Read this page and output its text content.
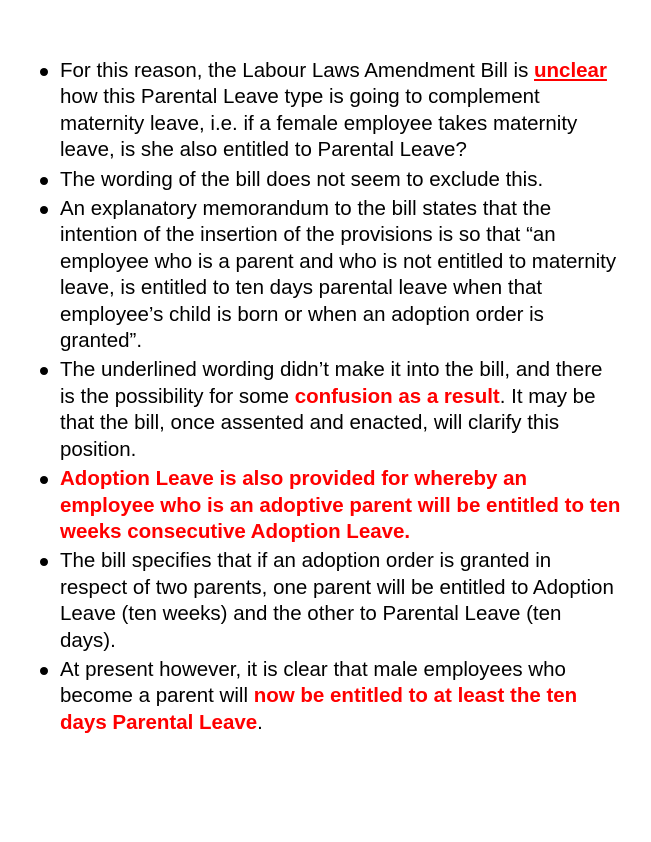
For this reason, the Labour Laws Amendment Bill is unclear how this Parental Leave type is going to complement maternity leave, i.e. if a female employee takes maternity leave, is she also entitled to Parental Leave?
The wording of the bill does not seem to exclude this.
An explanatory memorandum to the bill states that the intention of the insertion of the provisions is so that “an employee who is a parent and who is not entitled to maternity leave, is entitled to ten days parental leave when that employee’s child is born or when an adoption order is granted”.
The underlined wording didn’t make it into the bill, and there is the possibility for some confusion as a result. It may be that the bill, once assented and enacted, will clarify this position.
Adoption Leave is also provided for whereby an employee who is an adoptive parent will be entitled to ten weeks consecutive Adoption Leave.
The bill specifies that if an adoption order is granted in respect of two parents, one parent will be entitled to Adoption Leave (ten weeks) and the other to Parental Leave (ten days).
At present however, it is clear that male employees who become a parent will now be entitled to at least the ten days Parental Leave.
